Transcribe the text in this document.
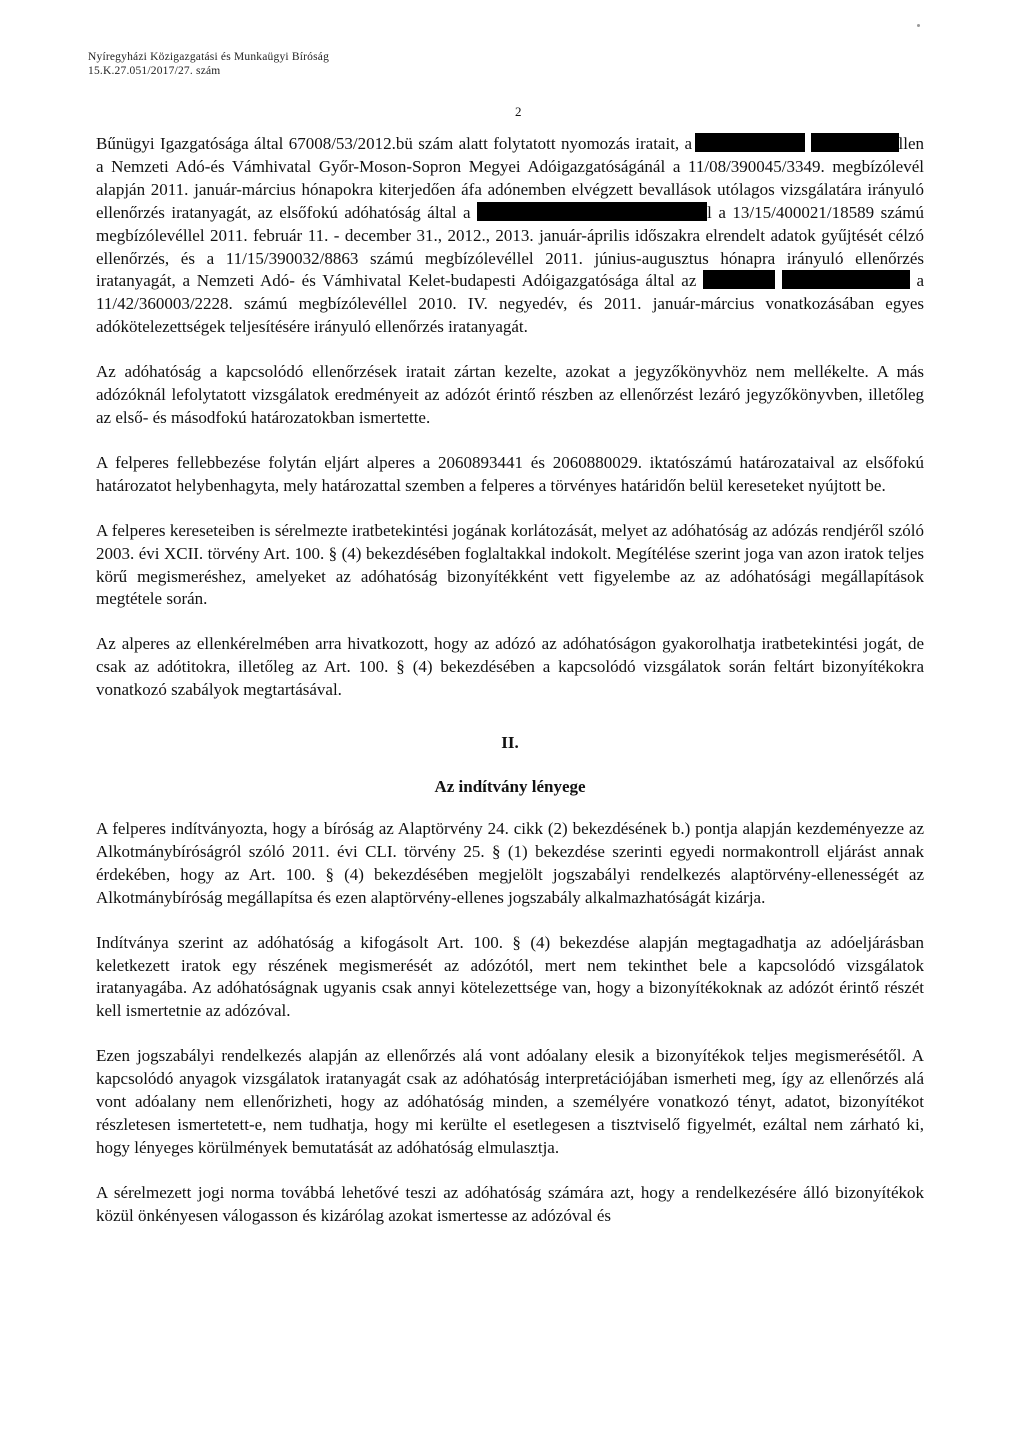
Nyíregyházi Közigazgatási és Munkaügyi Bíróság
15.K.27.051/2017/27. szám
2

Bűnügyi Igazgatósága által 67008/53/2012.bü szám alatt folytatott nyomozás iratait, a	llen a Nemzeti Adó-és Vámhivatal Győr-Moson-Sopron Megyei Adóigazgatóságánál a 11/08/390045/3349. megbízólevél alapján 2011. január-március hónapokra kiterjedően áfa adónemben elvégzett bevallások utólagos vizsgálatára irányuló ellenőrzés iratanyagát, az elsőfokú adóhatóság által a	l a 13/15/400021/18589 számú megbízólevéllel 2011. február 11. - december 31., 2012., 2013. január-április időszakra elrendelt adatok gyűjtését célzó ellenőrzés, és a 11/15/390032/8863 számú megbízólevéllel 2011. június-augusztus hónapra irányuló ellenőrzés iratanyagát, a Nemzeti Adó- és Vámhivatal Kelet-budapesti Adóigazgatósága által az	a 11/42/360003/2228. számú megbízólevéllel 2010. IV. negyedév, és 2011. január-március vonatkozásában egyes adókötelezettségek teljesítésére irányuló ellenőrzés iratanyagát.

Az adóhatóság a kapcsolódó ellenőrzések iratait zártan kezelte, azokat a jegyzőkönyvhöz nem mellékelte. A más adózóknál lefolytatott vizsgálatok eredményeit az adózót érintő részben az ellenőrzést lezáró jegyzőkönyvben, illetőleg az első- és másodfokú határozatokban ismertette.

A felperes fellebbezése folytán eljárt alperes a 2060893441 és 2060880029. iktatószámú határozataival az elsőfokú határozatot helybenhagyta, mely határozattal szemben a felperes a törvényes határidőn belül kereseteket nyújtott be.

A felperes kereseteiben is sérelmezte iratbetekintési jogának korlátozását, melyet az adóhatóság az adózás rendjéről szóló 2003. évi XCII. törvény Art. 100. § (4) bekezdésében foglaltakkal indokolt. Megítélése szerint joga van azon iratok teljes körű megismeréshez, amelyeket az adóhatóság bizonyítékként vett figyelembe az az adóhatósági megállapítások megtétele során.

Az alperes az ellenkérelmében arra hivatkozott, hogy az adózó az adóhatóságon gyakorolhatja iratbetekintési jogát, de csak az adótitokra, illetőleg az Art. 100. § (4) bekezdésében a kapcsolódó vizsgálatok során feltárt bizonyítékokra vonatkozó szabályok megtartásával.

II.

Az indítvány lényege

A felperes indítványozta, hogy a bíróság az Alaptörvény 24. cikk (2) bekezdésének b.) pontja alapján kezdeményezze az Alkotmánybíróságról szóló 2011. évi CLI. törvény 25. § (1) bekezdése szerinti egyedi normakontroll eljárást annak érdekében, hogy az Art. 100. § (4) bekezdésében megjelölt jogszabályi rendelkezés alaptörvény-ellenességét az Alkotmánybíróság megállapítsa és ezen alaptörvény-ellenes jogszabály alkalmazhatóságát kizárja.

Indítványa szerint az adóhatóság a kifogásolt Art. 100. § (4) bekezdése alapján megtagadhatja az adóeljárásban keletkezett iratok egy részének megismerését az adózótól, mert nem tekinthet bele a kapcsolódó vizsgálatok iratanyagába. Az adóhatóságnak ugyanis csak annyi kötelezettsége van, hogy a bizonyítékoknak az adózót érintő részét kell ismertetnie az adózóval.

Ezen jogszabályi rendelkezés alapján az ellenőrzés alá vont adóalany elesik a bizonyítékok teljes megismerésétől. A kapcsolódó anyagok vizsgálatok iratanyagát csak az adóhatóság interpretációjában ismerheti meg, így az ellenőrzés alá vont adóalany nem ellenőrizheti, hogy az adóhatóság minden, a személyére vonatkozó tényt, adatot, bizonyítékot részletesen ismertetett-e, nem tudhatja, hogy mi kerülte el esetlegesen a tisztviselő figyelmét, ezáltal nem zárható ki, hogy lényeges körülmények bemutatását az adóhatóság elmulasztja.

A sérelmezett jogi norma továbbá lehetővé teszi az adóhatóság számára azt, hogy a rendelkezésére álló bizonyítékok közül önkényesen válogasson és kizárólag azokat ismertesse az adózóval és
